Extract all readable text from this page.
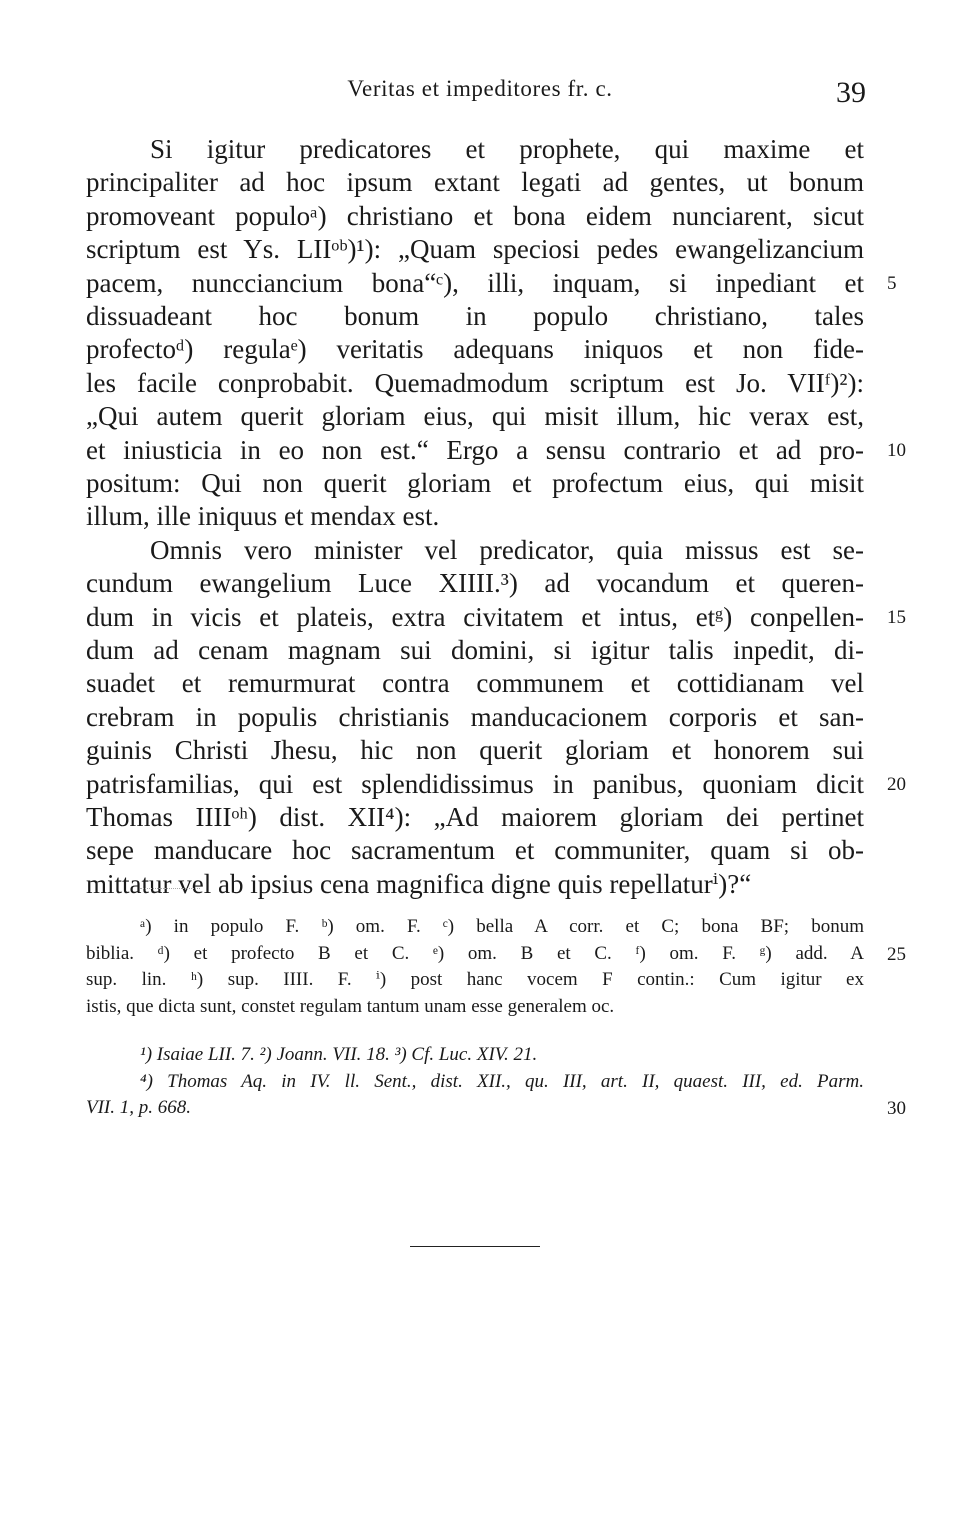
Veritas et impeditores fr. c.	39
Si igitur predicatores et prophete, qui maxime et
principaliter ad hoc ipsum extant legati ad gentes, ut bonum
promoveant populoᵃ) christiano et bona eidem nunciarent, sicut
scriptum est Ys. LIIᵒᵇ)¹): „Quam speciosi pedes ewangelizancium
pacem, nuncciancium bona“ᶜ), illi, inquam, si inpediant et
dissuadeant hoc bonum in populo christiano, tales
profectoᵈ) regulaᵉ) veritatis adequans iniquos et non fide-
les facile conprobabit. Quemadmodum scriptum est Jo. VIIᶠ)²):
„Qui autem querit gloriam eius, qui misit illum, hic verax est,
et iniusticia in eo non est.“ Ergo a sensu contrario et ad pro-
positum: Qui non querit gloriam et profectum eius, qui misit
illum, ille iniquus et mendax est.
Omnis vero minister vel predicator, quia missus est se-
cundum ewangelium Luce XIIII.³) ad vocandum et queren-
dum in vicis et plateis, extra civitatem et intus, etᵍ) conpellen-
dum ad cenam magnam sui domini, si igitur talis inpedit, di-
suadet et remurmurat contra communem et cottidianam vel
crebram in populis christianis manducacionem corporis et san-
guinis Christi Jhesu, hic non querit gloriam et honorem sui
patrisfamilias, qui est splendidissimus in panibus, quoniam dicit
Thomas IIIIᵒʰ) dist. XII⁴): „Ad maiorem gloriam dei pertinet
sepe manducare hoc sacramentum et communiter, quam si ob-
mittatur vel ab ipsius cena magnifica digne quis repellaturⁱ)?“
5
10
15
20
ᵃ) in populo F. ᵇ) om. F. ᶜ) bella A corr. et C; bona BF; bonum
biblia. ᵈ) et profecto B et C. ᵉ) om. B et C. ᶠ) om. F. ᵍ) add. A 25
sup. lin. ʰ) sup. IIII. F. ⁱ) post hanc vocem F contin.: Cum igitur ex
istis, que dicta sunt, constet regulam tantum unam esse generalem oc.
¹) Isaiae LII. 7. ²) Joann. VII. 18. ³) Cf. Luc. XIV. 21.
⁴) Thomas Aq. in IV. ll. Sent., dist. XII., qu. III, art. II, quaest. III, ed. Parm.
VII. 1, p. 668.	30
